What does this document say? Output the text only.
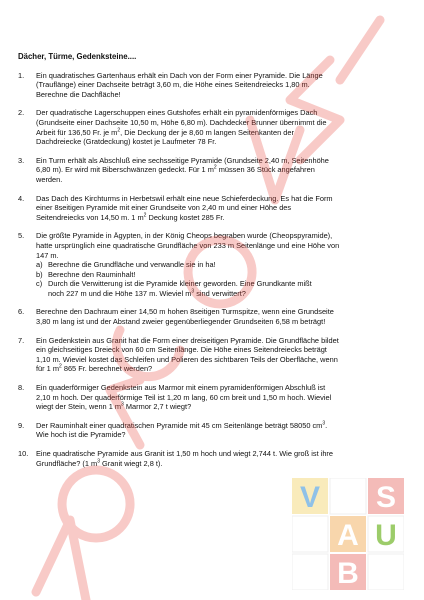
Dächer, Türme, Gedenksteine....
1.	Ein quadratisches Gartenhaus erhält ein Dach von der Form einer Pyramide. Die Länge
(Trauflänge) einer Dachseite beträgt 3,60 m, die Höhe eines Seitendreiecks 1,80 m.
Berechne die Dachfläche!
2.	Der quadratische Lagerschuppen eines Gutshofes erhält ein pyramidenförmiges Dach
(Grundseite einer Dachseite 10,50 m, Höhe 6,80 m). Dachdecker Brunner übernimmt die
Arbeit für 136,50 Fr. je $m^2$, Die Deckung der je 8,60 m langen Seitenkanten der
Dachdreiecke (Gratdeckung) kostet je Laufmeter 78 Fr.
3.	Ein Turm erhält als Abschluß eine sechsseitige Pyramide (Grundseite 2,40 m, Seitenhöhe
6,80 m). Er wird mit Biberschwänzen gedeckt. Für 1 $m^2$ müssen 36 Stück angefahren
werden.
4.	Das Dach des Kirchturms in Herbetswil erhält eine neue Schieferdeckung. Es hat die Form
einer 8seitigen Pyramide mit einer Grundseite von 2,40 m und einer Höhe des
Seitendreiecks von 14,50 m. 1 $m^2$ Deckung kostet 285 Fr.
5.	Die größte Pyramide in Ägypten, in der König Cheops begraben wurde (Cheopspyramide),
hatte ursprünglich eine quadratische Grundfläche von 233 m Seitenlänge und eine Höhe von
147 m.
a) Berechne die Grundfläche und verwandle sie in ha!
b) Berechne den Rauminhalt!
c) Durch die Verwitterung ist die Pyramide kleiner geworden. Eine Grundkante mißt
noch 227 m und die Höhe 137 m. Wieviel $m^3$ sind verwittert?
6.	Berechne den Dachraum einer 14,50 m hohen 8seitigen Turmspitze, wenn eine Grundseite
3,80 m lang ist und der Abstand zweier gegenüberliegender Grundseiten 6,58 m beträgt!
7.	Ein Gedenkstein aus Granit hat die Form einer dreiseitigen Pyramide. Die Grundfläche bildet
ein gleichseitiges Dreieck von 60 cm Seitenlänge. Die Höhe eines Seitendreiecks beträgt
1,10 m. Wieviel kostet das Schleifen und Polieren des sichtbaren Teils der Oberfläche, wenn
für 1 $m^2$ 865 Fr. berechnet werden?
8.	Ein quaderförmiger Gedenkstein aus Marmor mit einem pyramidenförmigen Abschluß ist
2,10 m hoch. Der quaderförmige Teil ist 1,20 m lang, 60 cm breit und 1,50 m hoch. Wieviel
wiegt der Stein, wenn 1 $m^3$ Marmor 2,7 t wiegt?
9.	Der Rauminhalt einer quadratischen Pyramide mit 45 cm Seitenlänge beträgt 58050 $cm^3$.
Wie hoch ist die Pyramide?
10.	Eine quadratische Pyramide aus Granit ist 1,50 m hoch und wiegt 2,744 t. Wie groß ist ihre
Grundfläche? (1 $m^3$ Granit wiegt 2,8 t).
V S
A U
B
